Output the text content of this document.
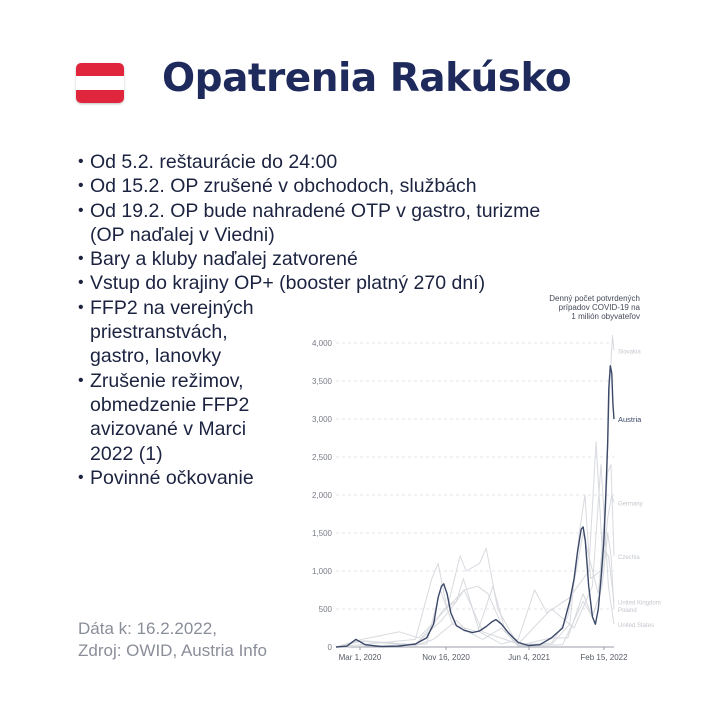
Opatrenia Rakúsko
• Od 5.2. reštaurácie do 24:00
• Od 15.2. OP zrušené v obchodoch, službách
• Od 19.2. OP bude nahradené OTP v gastro, turizme (OP naďalej v Viedni)
• Bary a kluby naďalej zatvorené
• Vstup do krajiny OP+ (booster platný 270 dní)
• FFP2 na verejných priestranstvách, gastro, lanovky
• Zrušenie režimov, obmedzenie FFP2 avizované v Marci 2022 (1)
• Povinné očkovanie
Dáta k: 16.2.2022,
Zdroj: OWID, Austria Info	0
500
1,000
1,500
2,000
2,500
3,000
3,500
4,000
Mar 1, 2020	Nov 16, 2020	Jun 4, 2021	Feb 15, 2022
Slovakia
Czechia
Germany
United Kingdom
Poland
United States
Austria
Denný počet potvrdených
prípadov COVID-19 na
1 milión obyvateľov
